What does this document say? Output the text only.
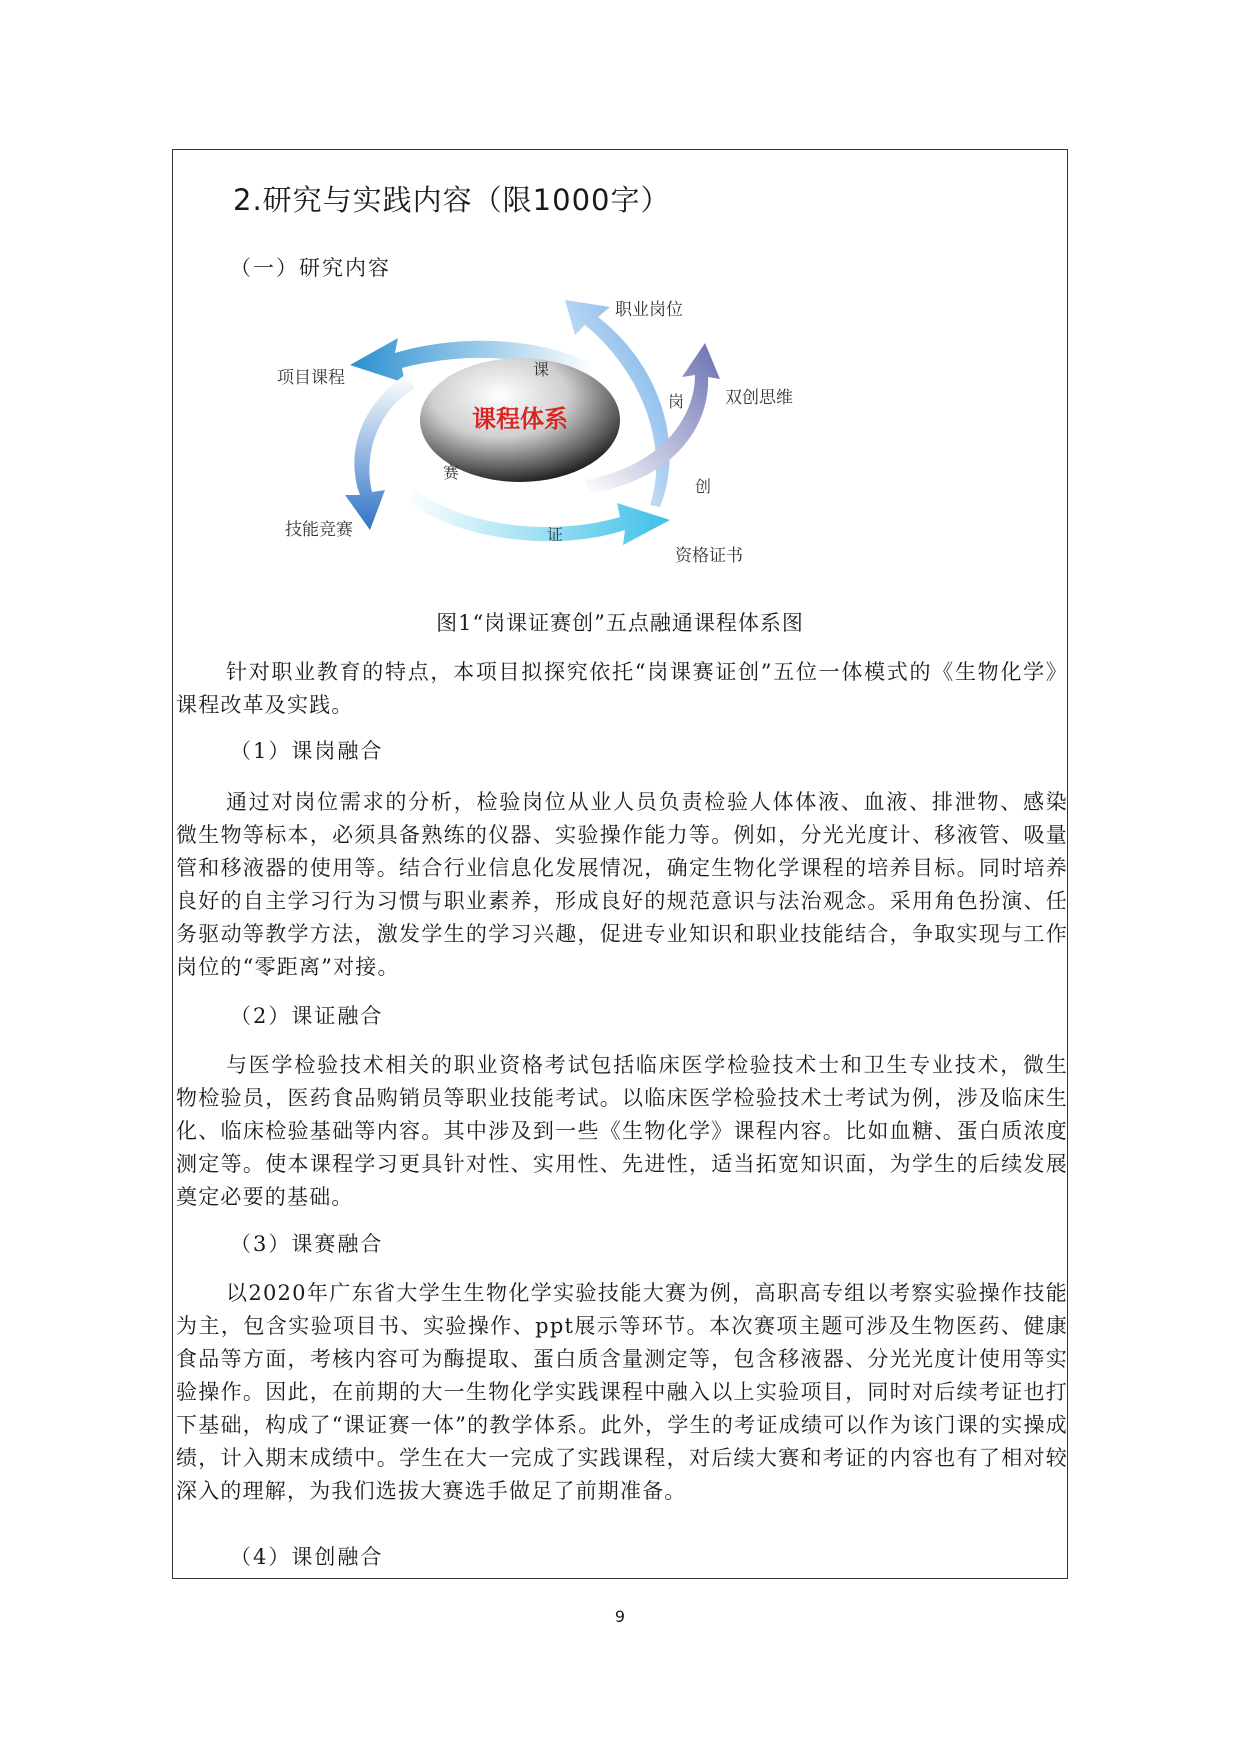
2.研究与实践内容（限1000字）
（一）研究内容
课程体系
职业岗位
项目课程
双创思维
技能竞赛
资格证书
课
岗
创
证
赛
图1“岗课证赛创”五点融通课程体系图

针对职业教育的特点，本项目拟探究依托“岗课赛证创”五位一体模式的《生物化学》课程改革及实践。

（1）课岗融合

通过对岗位需求的分析，检验岗位从业人员负责检验人体体液、血液、排泄物、感染微生物等标本，必须具备熟练的仪器、实验操作能力等。例如，分光光度计、移液管、吸量管和移液器的使用等。结合行业信息化发展情况，确定生物化学课程的培养目标。同时培养良好的自主学习行为习惯与职业素养，形成良好的规范意识与法治观念。采用角色扮演、任务驱动等教学方法，激发学生的学习兴趣，促进专业知识和职业技能结合，争取实现与工作岗位的“零距离”对接。

（2）课证融合

与医学检验技术相关的职业资格考试包括临床医学检验技术士和卫生专业技术，微生物检验员，医药食品购销员等职业技能考试。以临床医学检验技术士考试为例，涉及临床生化、临床检验基础等内容。其中涉及到一些《生物化学》课程内容。比如血糖、蛋白质浓度测定等。使本课程学习更具针对性、实用性、先进性，适当拓宽知识面，为学生的后续发展奠定必要的基础。

（3）课赛融合

以2020年广东省大学生生物化学实验技能大赛为例，高职高专组以考察实验操作技能为主，包含实验项目书、实验操作、ppt展示等环节。本次赛项主题可涉及生物医药、健康食品等方面，考核内容可为酶提取、蛋白质含量测定等，包含移液器、分光光度计使用等实验操作。因此，在前期的大一生物化学实践课程中融入以上实验项目，同时对后续考证也打下基础，构成了“课证赛一体”的教学体系。此外，学生的考证成绩可以作为该门课的实操成绩，计入期末成绩中。学生在大一完成了实践课程，对后续大赛和考证的内容也有了相对较深入的理解，为我们选拔大赛选手做足了前期准备。

（4）课创融合
9
